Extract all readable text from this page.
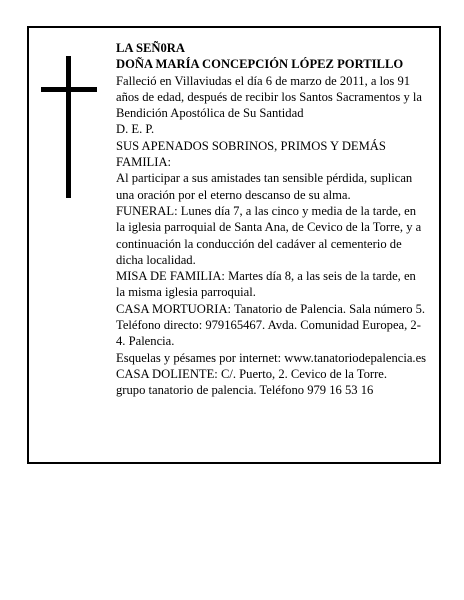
LA SEÑ0RA

DOÑA MARÍA CONCEPCIÓN LÓPEZ PORTILLO

Falleció en Villaviudas el día 6 de marzo de 2011, a los 91 años de edad, después de recibir los Santos Sacramentos y la Bendición Apostólica de Su Santidad

D. E. P.

SUS APENADOS SOBRINOS, PRIMOS Y DEMÁS FAMILIA:

Al participar a sus amistades tan sensible pérdida, suplican una oración por el eterno descanso de su alma.

FUNERAL: Lunes día 7, a las cinco y media de la tarde, en la iglesia parroquial de Santa Ana, de Cevico de la Torre, y a continuación la conducción del cadáver al cementerio de dicha localidad.

MISA DE FAMILIA: Martes día 8, a las seis de la tarde, en la misma iglesia parroquial.

CASA MORTUORIA: Tanatorio de Palencia. Sala número 5. Teléfono directo: 979165467. Avda. Comunidad Europea, 2-4. Palencia.

Esquelas y pésames por internet: www.tanatoriodepalencia.es

CASA DOLIENTE: C/. Puerto, 2. Cevico de la Torre.

grupo tanatorio de palencia. Teléfono 979 16 53 16
